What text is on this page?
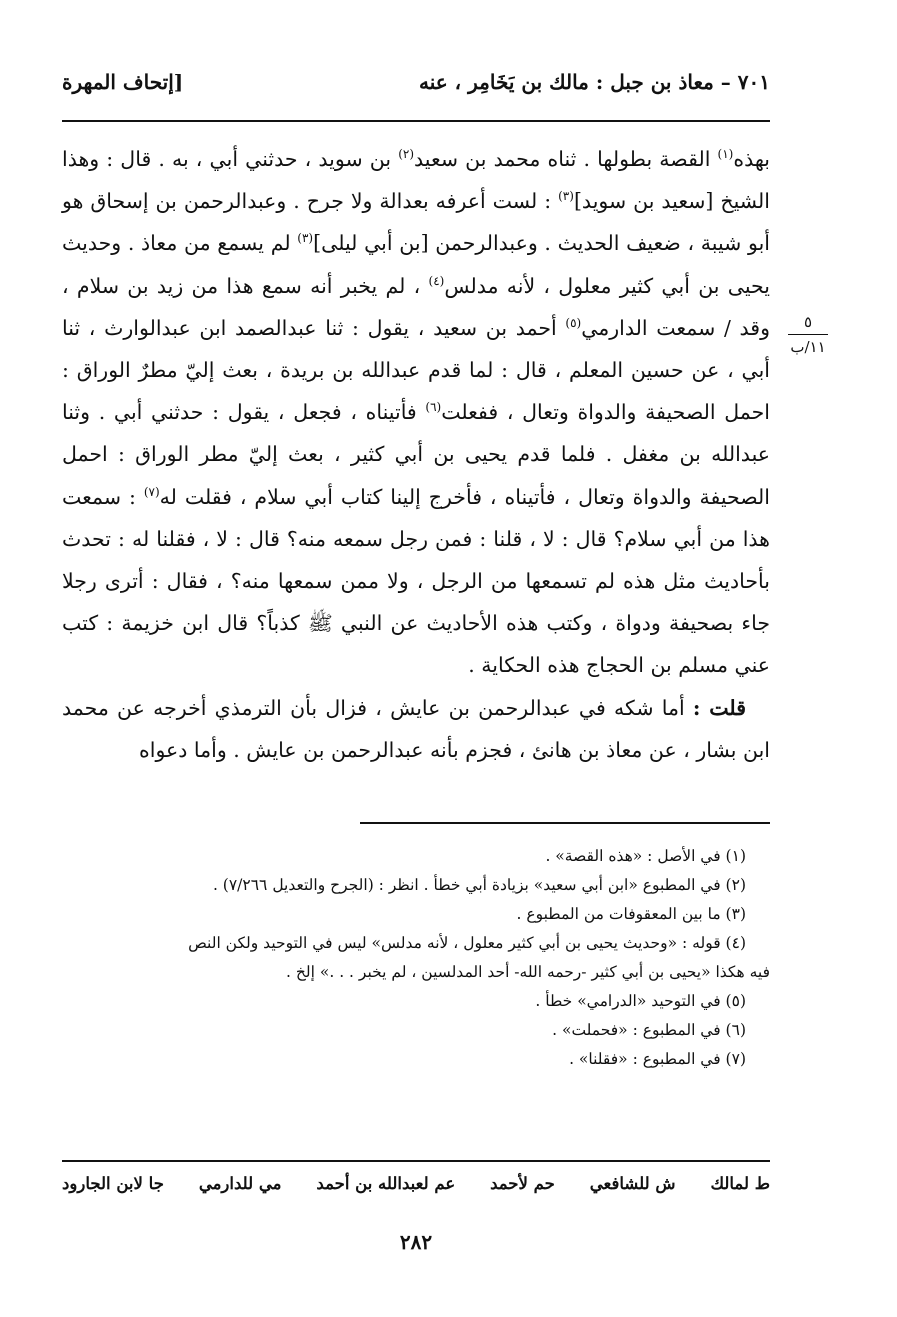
٧٠١ – معاذ بن جبل : مالك بن يَخَامِر ، عنه
[إتحاف المهرة
٥
١١/ب

بهذه$^{(١)}$ القصة بطولها . ثناه محمد بن سعيد$^{(٢)}$ بن سويد ، حدثني أبي ، به . قال : وهذا الشيخ [سعيد بن سويد]$^{(٣)}$ : لست أعرفه بعدالة ولا جرح . وعبدالرحمن بن إسحاق هو أبو شيبة ، ضعيف الحديث . وعبدالرحمن [بن أبي ليلى]$^{(٣)}$ لم يسمع من معاذ . وحديث يحيى بن أبي كثير معلول ، لأنه مدلس$^{(٤)}$ ، لم يخبر أنه سمع هذا من زيد بن سلام ، وقد / سمعت الدارمي$^{(٥)}$ أحمد بن سعيد ، يقول : ثنا عبدالصمد ابن عبدالوارث ، ثنا أبي ، عن حسين المعلم ، قال : لما قدم عبدالله بن بريدة ، بعث إليّ مطرٌ الوراق : احمل الصحيفة والدواة وتعال ، ففعلت$^{(٦)}$ فأتيناه ، فجعل ، يقول : حدثني أبي . وثنا عبدالله بن مغفل . فلما قدم يحيى بن أبي كثير ، بعث إليّ مطر الوراق : احمل الصحيفة والدواة وتعال ، فأتيناه ، فأخرج إلينا كتاب أبي سلام ، فقلت له$^{(٧)}$ : سمعت هذا من أبي سلام؟ قال : لا ، قلنا : فمن رجل سمعه منه؟ قال : لا ، فقلنا له : تحدث بأحاديث مثل هذه لم تسمعها من الرجل ، ولا ممن سمعها منه؟ ، فقال : أترى رجلا جاء بصحيفة ودواة ، وكتب هذه الأحاديث عن النبي ﷺ كذباً؟ قال ابن خزيمة : كتب عني مسلم بن الحجاج هذه الحكاية .

قلت : أما شكه في عبدالرحمن بن عايش ، فزال بأن الترمذي أخرجه عن محمد ابن بشار ، عن معاذ بن هانئ ، فجزم بأنه عبدالرحمن بن عايش . وأما دعواه

(١) في الأصل : «هذه القصة» .

(٢) في المطبوع «ابن أبي سعيد» بزيادة أبي خطأ . انظر : (الجرح والتعديل ٧/٢٦٦) .

(٣) ما بين المعقوفات من المطبوع .

(٤) قوله : «وحديث يحيى بن أبي كثير معلول ، لأنه مدلس» ليس في التوحيد ولكن النص

فيه هكذا «يحيى بن أبي كثير -رحمه الله- أحد المدلسين ، لم يخبر . . .» إلخ .

(٥) في التوحيد «الدرامي» خطأ .

(٦) في المطبوع : «فحملت» .

(٧) في المطبوع : «فقلنا» .

ط لمالك
ش للشافعي
حم لأحمد
عم لعبدالله بن أحمد
مي للدارمي
جا لابن الجارود
٢٨٢
